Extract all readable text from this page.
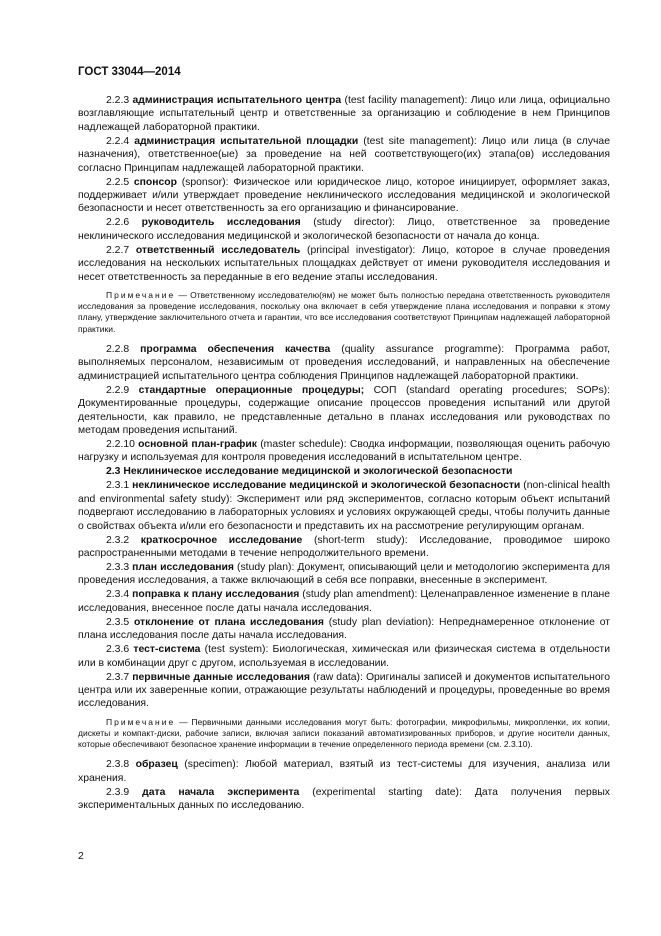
ГОСТ 33044—2014

2.2.3 администрация испытательного центра (test facility management): Лицо или лица, официально возглавляющие испытательный центр и ответственные за организацию и соблюдение в нем Принципов надлежащей лабораторной практики.

2.2.4 администрация испытательной площадки (test site management): Лицо или лица (в случае назначения), ответственное(ые) за проведение на ней соответствующего(их) этапа(ов) исследования согласно Принципам надлежащей лабораторной практики.

2.2.5 спонсор (sponsor): Физическое или юридическое лицо, которое инициирует, оформляет заказ, поддерживает и/или утверждает проведение неклинического исследования медицинской и экологической безопасности и несет ответственность за его организацию и финансирование.

2.2.6 руководитель исследования (study director): Лицо, ответственное за проведение неклинического исследования медицинской и экологической безопасности от начала до конца.

2.2.7 ответственный исследователь (principal investigator): Лицо, которое в случае проведения исследования на нескольких испытательных площадках действует от имени руководителя исследования и несет ответственность за переданные в его ведение этапы исследования.

Примечание — Ответственному исследователю(ям) не может быть полностью передана ответственность руководителя исследования за проведение исследования, поскольку она включает в себя утверждение плана исследования и поправки к этому плану, утверждение заключительного отчета и гарантии, что все исследования соответствуют Принципам надлежащей лабораторной практики.

2.2.8 программа обеспечения качества (quality assurance programme): Программа работ, выполняемых персоналом, независимым от проведения исследований, и направленных на обеспечение администрацией испытательного центра соблюдения Принципов надлежащей лабораторной практики.

2.2.9 стандартные операционные процедуры; СОП (standard operating procedures; SOPs): Документированные процедуры, содержащие описание процессов проведения испытаний или другой деятельности, как правило, не представленные детально в планах исследования или руководствах по методам проведения испытаний.

2.2.10 основной план-график (master schedule): Сводка информации, позволяющая оценить рабочую нагрузку и используемая для контроля проведения исследований в испытательном центре.

2.3 Неклиническое исследование медицинской и экологической безопасности

2.3.1 неклиническое исследование медицинской и экологической безопасности (non-clinical health and environmental safety study): Эксперимент или ряд экспериментов, согласно которым объект испытаний подвергают исследованию в лабораторных условиях и условиях окружающей среды, чтобы получить данные о свойствах объекта и/или его безопасности и представить их на рассмотрение регулирующим органам.

2.3.2 краткосрочное исследование (short-term study): Исследование, проводимое широко распространенными методами в течение непродолжительного времени.

2.3.3 план исследования (study plan): Документ, описывающий цели и методологию эксперимента для проведения исследования, а также включающий в себя все поправки, внесенные в эксперимент.

2.3.4 поправка к плану исследования (study plan amendment): Целенаправленное изменение в плане исследования, внесенное после даты начала исследования.

2.3.5 отклонение от плана исследования (study plan deviation): Непреднамеренное отклонение от плана исследования после даты начала исследования.

2.3.6 тест-система (test system): Биологическая, химическая или физическая система в отдельности или в комбинации друг с другом, используемая в исследовании.

2.3.7 первичные данные исследования (raw data): Оригиналы записей и документов испытательного центра или их заверенные копии, отражающие результаты наблюдений и процедуры, проведенные во время исследования.

Примечание — Первичными данными исследования могут быть: фотографии, микрофильмы, микропленки, их копии, дискеты и компакт-диски, рабочие записи, включая записи показаний автоматизированных приборов, и другие носители данных, которые обеспечивают безопасное хранение информации в течение определенного периода времени (см. 2.3.10).

2.3.8 образец (specimen): Любой материал, взятый из тест-системы для изучения, анализа или хранения.

2.3.9 дата начала эксперимента (experimental starting date): Дата получения первых экспериментальных данных по исследованию.

2
